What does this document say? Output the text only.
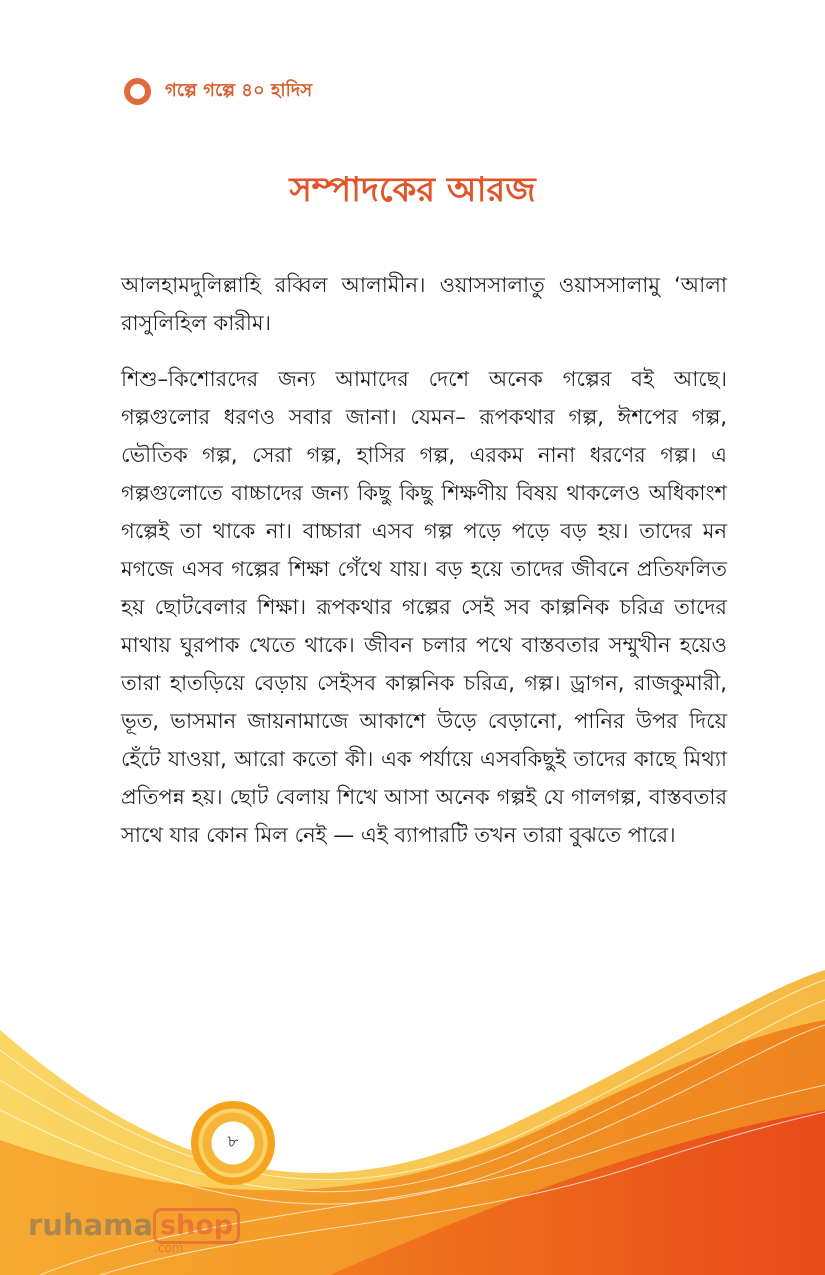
গল্পে গল্পে ৪০ হাদিস
সম্পাদকের আরজ

আলহামদুলিল্লাহি রব্বিল আলামীন। ওয়াসসালাতু ওয়াসসালামু ‘আলা রাসুলিহিল কারীম।

শিশু–কিশোরদের জন্য আমাদের দেশে অনেক গল্পের বই আছে। গল্পগুলোর ধরণও সবার জানা। যেমন– রূপকথার গল্প, ঈশপের গল্প, ভৌতিক গল্প, সেরা গল্প, হাসির গল্প, এরকম নানা ধরণের গল্প। এ গল্পগুলোতে বাচ্চাদের জন্য কিছু কিছু শিক্ষণীয় বিষয় থাকলেও অধিকাংশ গল্পেই তা থাকে না। বাচ্চারা এসব গল্প পড়ে পড়ে বড় হয়। তাদের মন মগজে এসব গল্পের শিক্ষা গেঁথে যায়। বড় হয়ে তাদের জীবনে প্রতিফলিত হয় ছোটবেলার শিক্ষা। রূপকথার গল্পের সেই সব কাল্পনিক চরিত্র তাদের মাথায় ঘুরপাক খেতে থাকে। জীবন চলার পথে বাস্তবতার সম্মুখীন হয়েও তারা হাতড়িয়ে বেড়ায় সেইসব কাল্পনিক চরিত্র, গল্প। ড্রাগন, রাজকুমারী, ভূত, ভাসমান জায়নামাজে আকাশে উড়ে বেড়ানো, পানির উপর দিয়ে হেঁটে যাওয়া, আরো কতো কী। এক পর্যায়ে এসবকিছুই তাদের কাছে মিথ্যা প্রতিপন্ন হয়। ছোট বেলায় শিখে আসা অনেক গল্পই যে গালগল্প, বাস্তবতার সাথে যার কোন মিল নেই — এই ব্যাপারটি তখন তারা বুঝতে পারে।

৮
ruhama shop
.com
